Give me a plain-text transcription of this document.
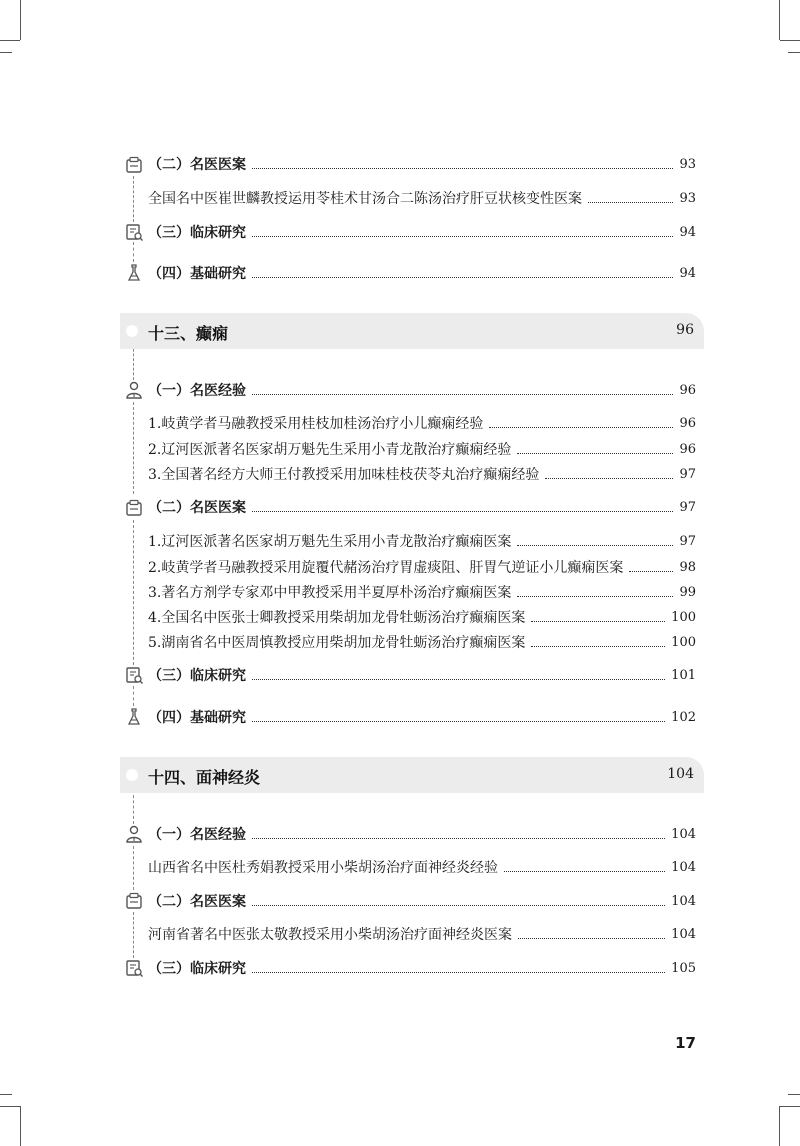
（二）名医医案	93
全国名中医崔世麟教授运用苓桂术甘汤合二陈汤治疗肝豆状核变性医案	93
（三）临床研究	94
（四）基础研究	94
十三、癫痫	96
（一）名医经验	96
1.岐黄学者马融教授采用桂枝加桂汤治疗小儿癫痫经验	96
2.辽河医派著名医家胡万魁先生采用小青龙散治疗癫痫经验	96
3.全国著名经方大师王付教授采用加味桂枝茯苓丸治疗癫痫经验	97
（二）名医医案	97
1.辽河医派著名医家胡万魁先生采用小青龙散治疗癫痫医案	97
2.岐黄学者马融教授采用旋覆代赭汤治疗胃虚痰阻、肝胃气逆证小儿癫痫医案	98
3.著名方剂学专家邓中甲教授采用半夏厚朴汤治疗癫痫医案	99
4.全国名中医张士卿教授采用柴胡加龙骨牡蛎汤治疗癫痫医案	100
5.湖南省名中医周慎教授应用柴胡加龙骨牡蛎汤治疗癫痫医案	100
（三）临床研究	101
（四）基础研究	102
十四、面神经炎	104
（一）名医经验	104
山西省名中医杜秀娟教授采用小柴胡汤治疗面神经炎经验	104
（二）名医医案	104
河南省著名中医张太敬教授采用小柴胡汤治疗面神经炎医案	104
（三）临床研究	105
17
